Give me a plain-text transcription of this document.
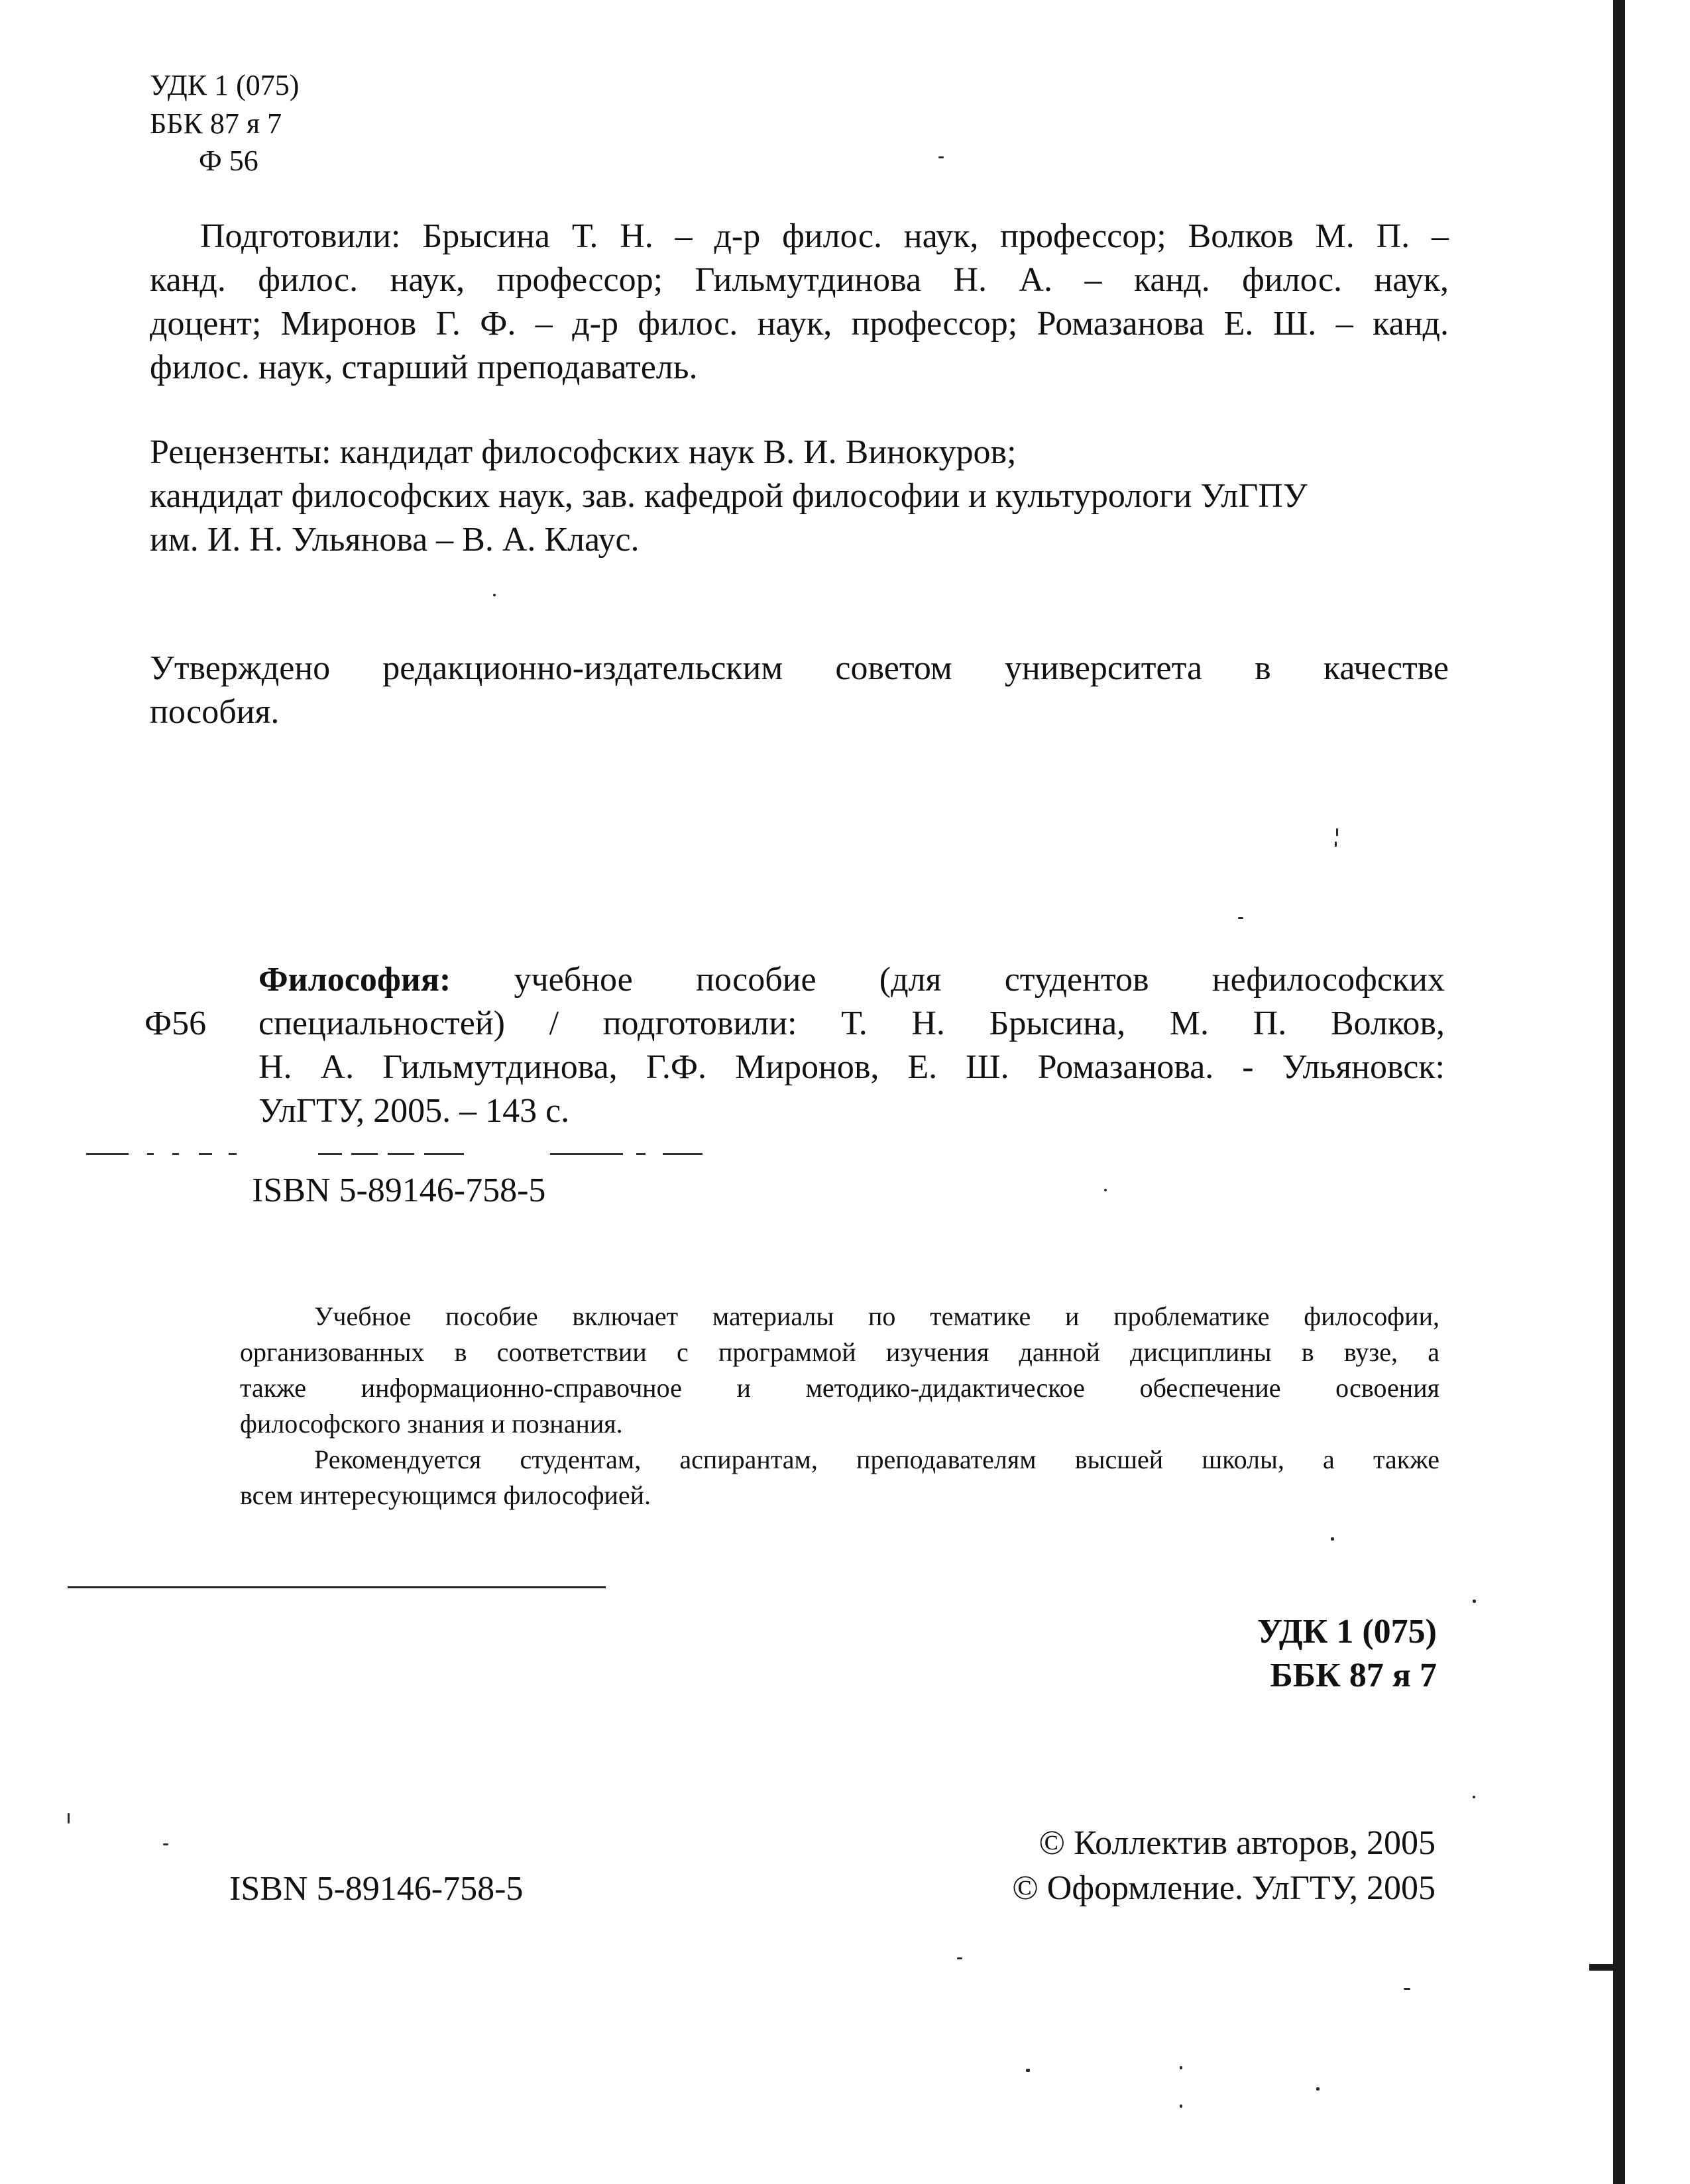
УДК 1 (075)
ББК 87 я 7
Ф 56
Подготовили: Брысина Т. Н. – д-р филос. наук, профессор; Волков М. П. –
канд. филос. наук, профессор; Гильмутдинова Н. А. – канд. филос. наук,
доцент; Миронов Г. Ф. – д-р филос. наук, профессор; Ромазанова Е. Ш. – канд.
филос. наук, старший преподаватель.
Рецензенты: кандидат философских наук В. И. Винокуров;
кандидат философских наук, зав. кафедрой философии и культурологи УлГПУ
им. И. Н. Ульянова – В. А. Клаус.
Утверждено редакционно-издательским советом университета в качестве
пособия.
Ф56
Философия: учебное пособие (для студентов нефилософских
специальностей) / подготовили: Т. Н. Брысина, М. П. Волков,
Н. А. Гильмутдинова, Г.Ф. Миронов, Е. Ш. Ромазанова. - Ульяновск:
УлГТУ, 2005. – 143 с.
ISBN 5-89146-758-5
Учебное пособие включает материалы по тематике и проблематике философии,
организованных в соответствии с программой изучения данной дисциплины в вузе, а
также информационно-справочное и методико-дидактическое обеспечение освоения
философского знания и познания.
Рекомендуется студентам, аспирантам, преподавателям высшей школы, а также
всем интересующимся философией.
УДК 1 (075)
ББК 87 я 7
ISBN 5-89146-758-5
© Коллектив авторов, 2005
© Оформление. УлГТУ, 2005
